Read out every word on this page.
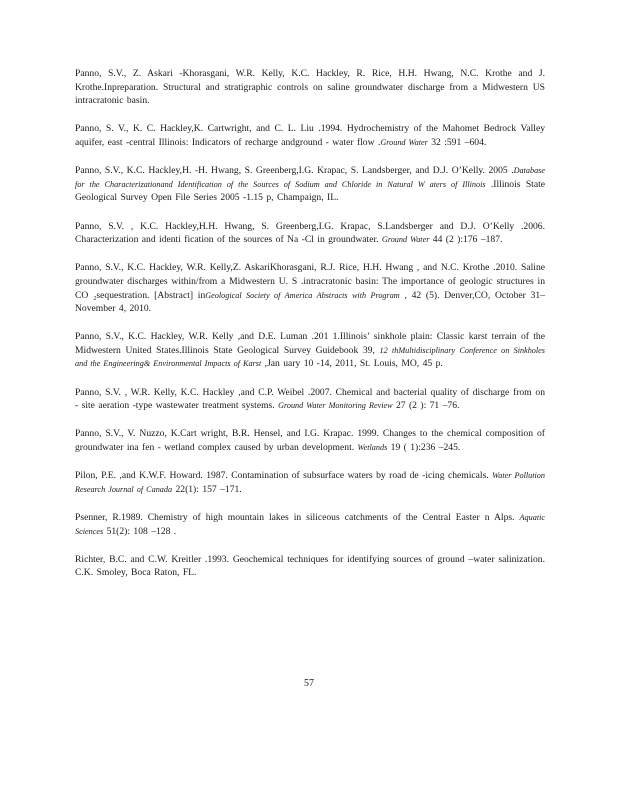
Panno, S.V., Z. Askari -Khorasgani, W.R. Kelly, K.C. Hackley, R. Rice, H.H. Hwang, N.C. Krothe and J. Krothe.Inpreparation. Structural and stratigraphic controls on saline groundwater discharge from a Midwestern US intracratonic basin.

Panno, S. V., K. C. Hackley,K. Cartwright, and C. L. Liu .1994. Hydrochemistry of the Mahomet Bedrock Valley aquifer, east -central Illinois: Indicators of recharge andground - water flow .Ground Water 32 :591 –604.

Panno, S.V., K.C. Hackley,H. -H. Hwang, S. Greenberg,I.G. Krapac, S. Landsberger, and D.J. O’Kelly. 2005 .Database for the Characterizationand Identification of the Sources of Sodium and Chloride in Natural W aters of Illinois .Illinois State Geological Survey Open File Series 2005 -1.15 p, Champaign, IL.

Panno, S.V. , K.C. Hackley,H.H. Hwang, S. Greenberg,I.G. Krapac, S.Landsberger and D.J. O’Kelly .2006. Characterization and identi fication of the sources of Na -Cl in groundwater. Ground Water 44 (2 ):176 –187.

Panno, S.V., K.C. Hackley, W.R. Kelly,Z. AskariKhorasgani, R.J. Rice, H.H. Hwang , and N.C. Krothe .2010. Saline groundwater discharges within/from a Midwestern U. S .intracratonic basin: The importance of geologic structures in CO ₂sequestration. [Abstract] inGeological Society of America Abstracts with Program , 42 (5). Denver,CO, October 31–November 4, 2010.

Panno, S.V., K.C. Hackley, W.R. Kelly ,and D.E. Luman .201 1.Illinois’ sinkhole plain: Classic karst terrain of the Midwestern United States.Illinois State Geological Survey Guidebook 39, 12 thMultidisciplinary Conference on Sinkholes and the Engineering& Environmental Impacts of Karst ,Jan uary 10 -14, 2011, St. Louis, MO, 45 p.

Panno, S.V. , W.R. Kelly, K.C. Hackley ,and C.P. Weibel .2007. Chemical and bacterial quality of discharge from on - site aeration -type wastewater treatment systems. Ground Water Monitoring Review 27 (2 ): 71 –76.

Panno, S.V., V. Nuzzo, K.Cart wright, B.R. Hensel, and I.G. Krapac. 1999. Changes to the chemical composition of groundwater ina fen - wetland complex caused by urban development. Wetlands 19 ( 1):236 –245.

Pilon, P.E. ,and K.W.F. Howard. 1987. Contamination of subsurface waters by road de -icing chemicals. Water Pollution Research Journal of Canada 22(1): 157 –171.

Psenner, R.1989. Chemistry of high mountain lakes in siliceous catchments of the Central Easter n Alps. Aquatic Sciences 51(2): 108 –128 .

Richter, B.C. and C.W. Kreitler .1993. Geochemical techniques for identifying sources of ground –water salinization. C.K. Smoley, Boca Raton, FL.

57
